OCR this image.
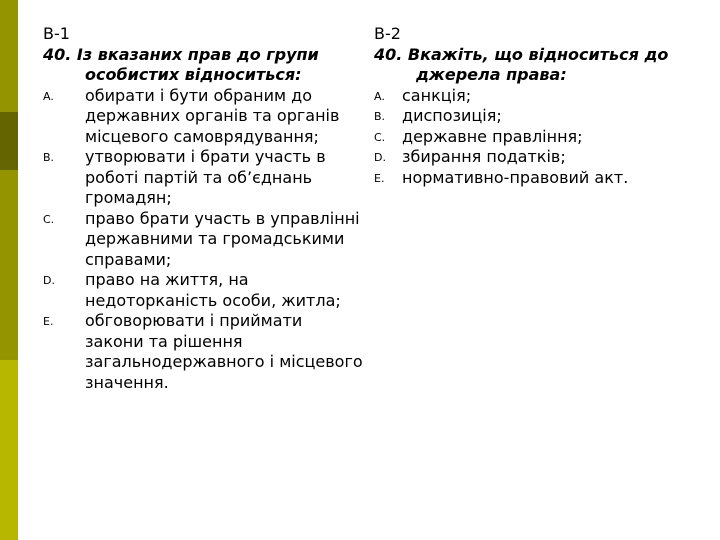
В-1

40. Із вказаних прав до групи особистих відноситься:

A. обирати і бути обраним до державних органів та органів місцевого самоврядування;
B. утворювати і брати участь в роботі партій та об’єднань громадян;
C. право брати участь в управлінні державними та громадськими справами;
D. право на життя, на недоторканість особи, житла;
E. обговорювати і приймати закони та рішення загальнодержавного і місцевого значення.

В-2

40. Вкажіть, що відноситься до джерела права:

A. санкція;
B. диспозиція;
C. державне правління;
D. збирання податків;
E. нормативно-правовий акт.
